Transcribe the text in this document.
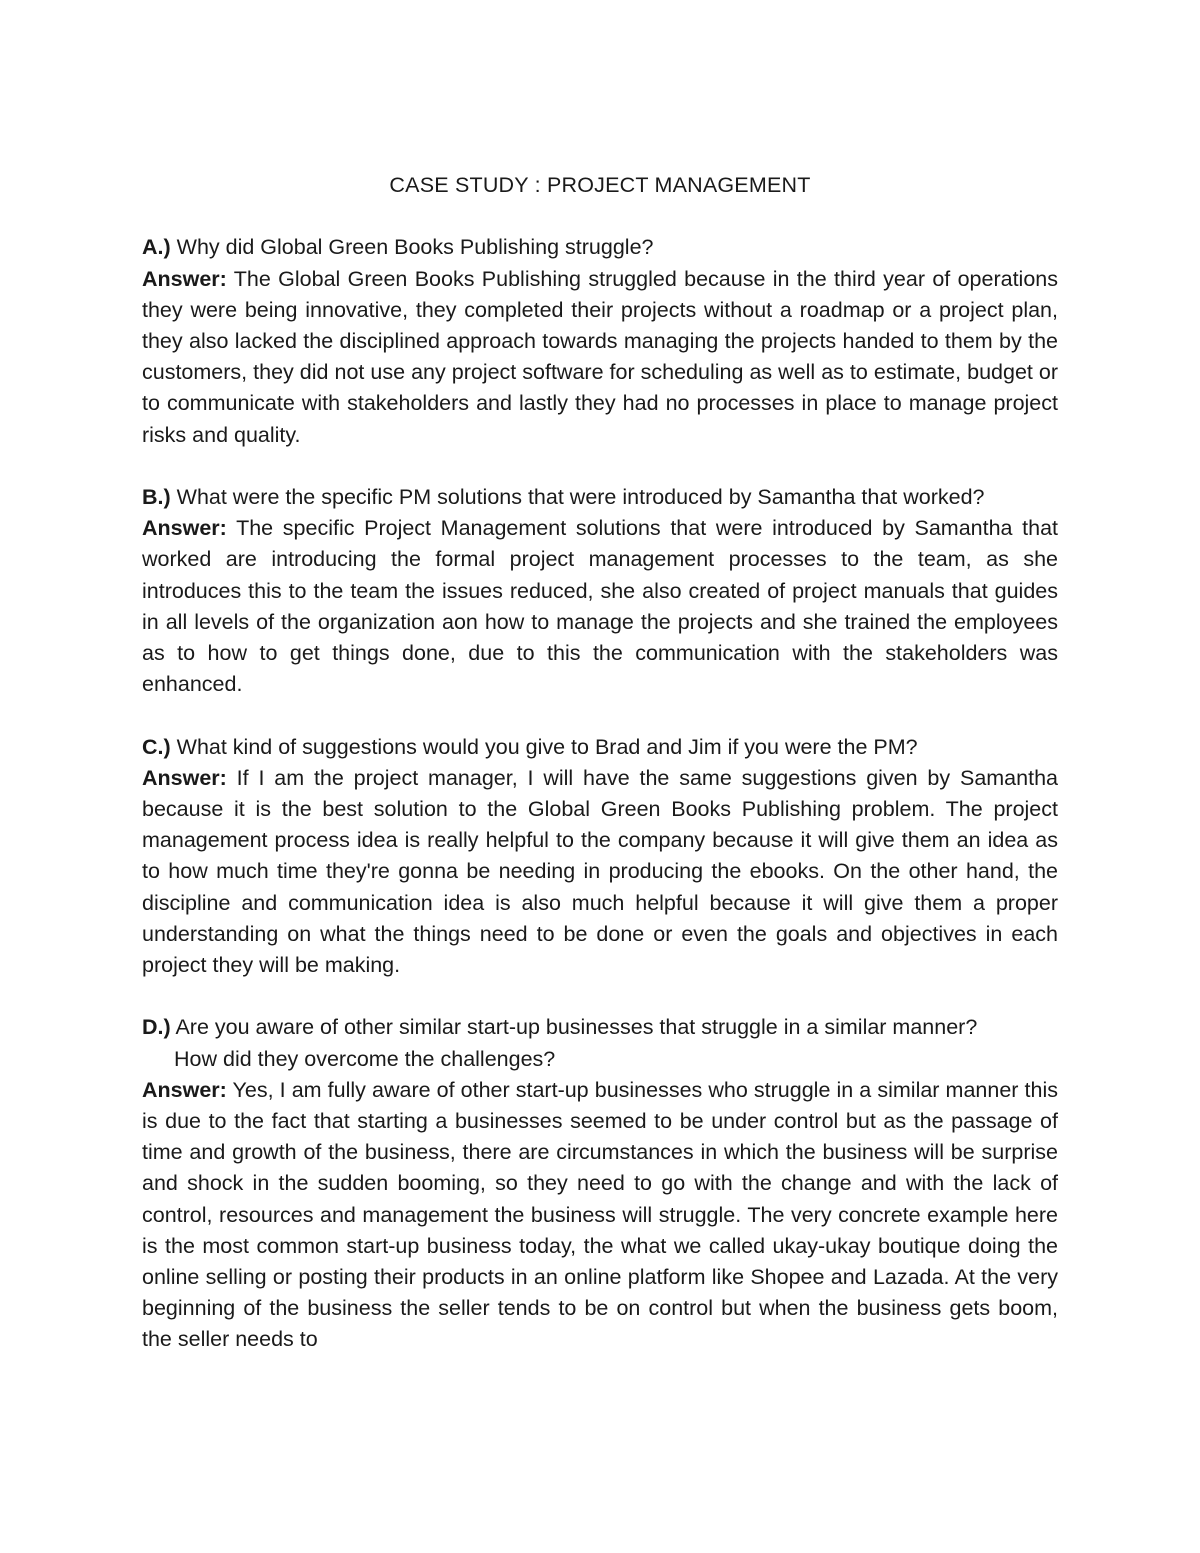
CASE STUDY : PROJECT MANAGEMENT

A.) Why did Global Green Books Publishing struggle?

Answer: The Global Green Books Publishing struggled because in the third year of operations they were being innovative, they completed their projects without a roadmap or a project plan, they also lacked the disciplined approach towards managing the projects handed to them by the customers, they did not use any project software for scheduling as well as to estimate, budget or to communicate with stakeholders and lastly they had no processes in place to manage project risks and quality.

B.) What were the specific PM solutions that were introduced by Samantha that worked?

Answer: The specific Project Management solutions that were introduced by Samantha that worked are introducing the formal project management processes to the team, as she introduces this to the team the issues reduced, she also created of project manuals that guides in all levels of the organization aon how to manage the projects and she trained the employees as to how to get things done, due to this the communication with the stakeholders was enhanced.

C.) What kind of suggestions would you give to Brad and Jim if you were the PM?

Answer: If I am the project manager, I will have the same suggestions given by Samantha because it is the best solution to the Global Green Books Publishing problem. The project management process idea is really helpful to the company because it will give them an idea as to how much time they're gonna be needing in producing the ebooks. On the other hand, the discipline and communication idea is also much helpful because it will give them a proper understanding on what the things need to be done or even the goals and objectives in each project they will be making.

D.) Are you aware of other similar start-up businesses that struggle in a similar manner?

How did they overcome the challenges?

Answer: Yes, I am fully aware of other start-up businesses who struggle in a similar manner this is due to the fact that starting a businesses seemed to be under control but as the passage of time and growth of the business, there are circumstances in which the business will be surprise and shock in the sudden booming, so they need to go with the change and with the lack of control, resources and management the business will struggle. The very concrete example here is the most common start-up business today, the what we called ukay-ukay boutique doing the online selling or posting their products in an online platform like Shopee and Lazada. At the very beginning of the business the seller tends to be on control but when the business gets boom, the seller needs to
